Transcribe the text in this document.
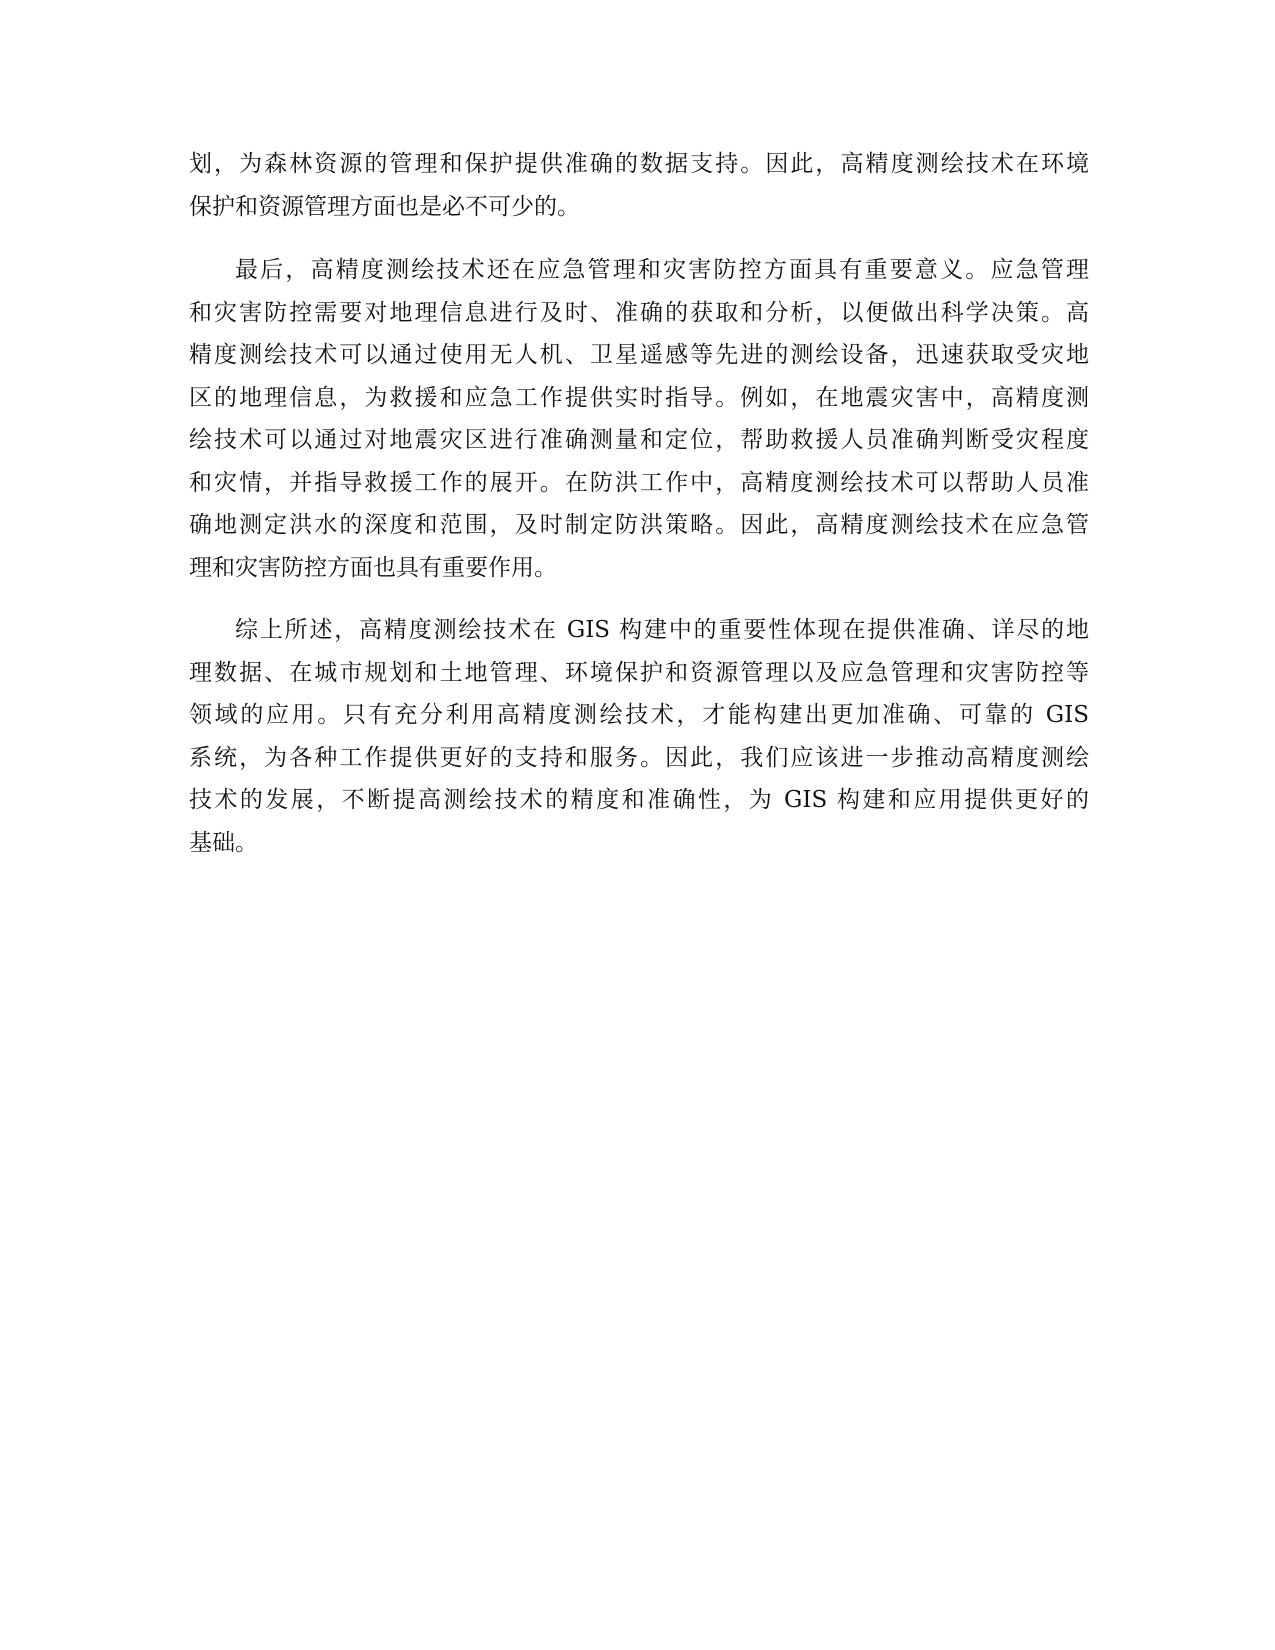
划，为森林资源的管理和保护提供准确的数据支持。因此，高精度测绘技术在环境
保护和资源管理方面也是必不可少的。
最后，高精度测绘技术还在应急管理和灾害防控方面具有重要意义。应急管理
和灾害防控需要对地理信息进行及时、准确的获取和分析，以便做出科学决策。高
精度测绘技术可以通过使用无人机、卫星遥感等先进的测绘设备，迅速获取受灾地
区的地理信息，为救援和应急工作提供实时指导。例如，在地震灾害中，高精度测
绘技术可以通过对地震灾区进行准确测量和定位，帮助救援人员准确判断受灾程度
和灾情，并指导救援工作的展开。在防洪工作中，高精度测绘技术可以帮助人员准
确地测定洪水的深度和范围，及时制定防洪策略。因此，高精度测绘技术在应急管
理和灾害防控方面也具有重要作用。
综上所述，高精度测绘技术在 GIS 构建中的重要性体现在提供准确、详尽的地
理数据、在城市规划和土地管理、环境保护和资源管理以及应急管理和灾害防控等
领域的应用。只有充分利用高精度测绘技术，才能构建出更加准确、可靠的 GIS
系统，为各种工作提供更好的支持和服务。因此，我们应该进一步推动高精度测绘
技术的发展，不断提高测绘技术的精度和准确性，为 GIS 构建和应用提供更好的
基础。
